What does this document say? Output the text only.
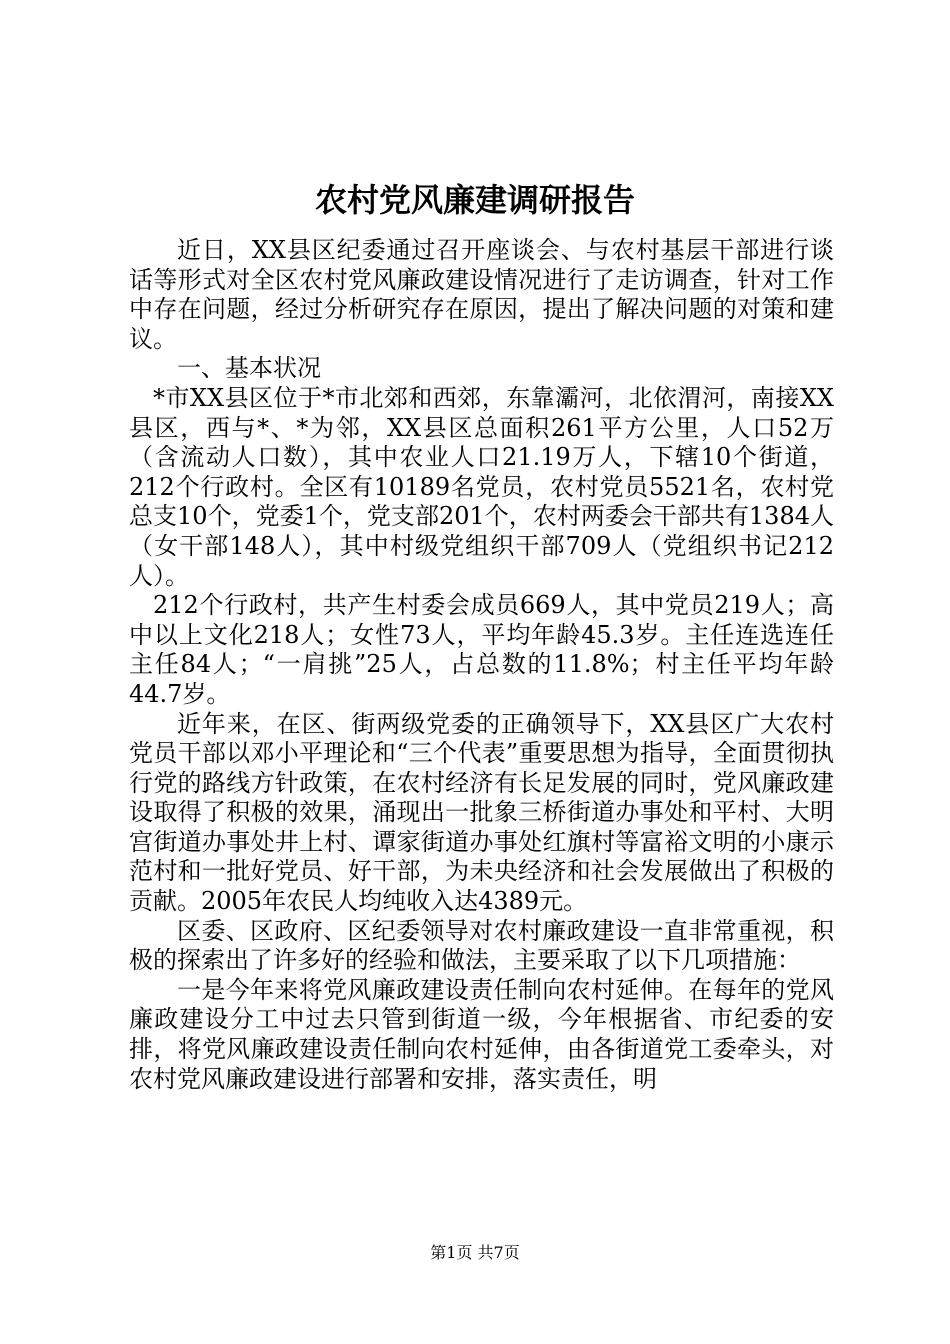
农村党风廉建调研报告

近日，XX县区纪委通过召开座谈会、与农村基层干部进行谈话等形式对全区农村党风廉政建设情况进行了走访调查，针对工作中存在问题，经过分析研究存在原因，提出了解决问题的对策和建议。

一、基本状况

*市XX县区位于*市北郊和西郊，东靠灞河，北依渭河，南接XX县区，西与*、*为邻，XX县区总面积261平方公里，人口52万（含流动人口数），其中农业人口21.19万人，下辖10个街道，212个行政村。全区有10189名党员，农村党员5521名，农村党总支10个，党委1个，党支部201个，农村两委会干部共有1384人（女干部148人），其中村级党组织干部709人（党组织书记212人）。

212个行政村，共产生村委会成员669人，其中党员219人；高中以上文化218人；女性73人，平均年龄45.3岁。主任连选连任主任84人；“一肩挑”25人，占总数的11.8%；村主任平均年龄44.7岁。

近年来，在区、街两级党委的正确领导下，XX县区广大农村党员干部以邓小平理论和“三个代表”重要思想为指导，全面贯彻执行党的路线方针政策，在农村经济有长足发展的同时，党风廉政建设取得了积极的效果，涌现出一批象三桥街道办事处和平村、大明宫街道办事处井上村、谭家街道办事处红旗村等富裕文明的小康示范村和一批好党员、好干部，为未央经济和社会发展做出了积极的贡献。2005年农民人均纯收入达4389元。

区委、区政府、区纪委领导对农村廉政建设一直非常重视，积极的探索出了许多好的经验和做法，主要采取了以下几项措施：

一是今年来将党风廉政建设责任制向农村延伸。在每年的党风廉政建设分工中过去只管到街道一级，今年根据省、市纪委的安排，将党风廉政建设责任制向农村延伸，由各街道党工委牵头，对农村党风廉政建设进行部署和安排，落实责任，明

第1页 共7页
